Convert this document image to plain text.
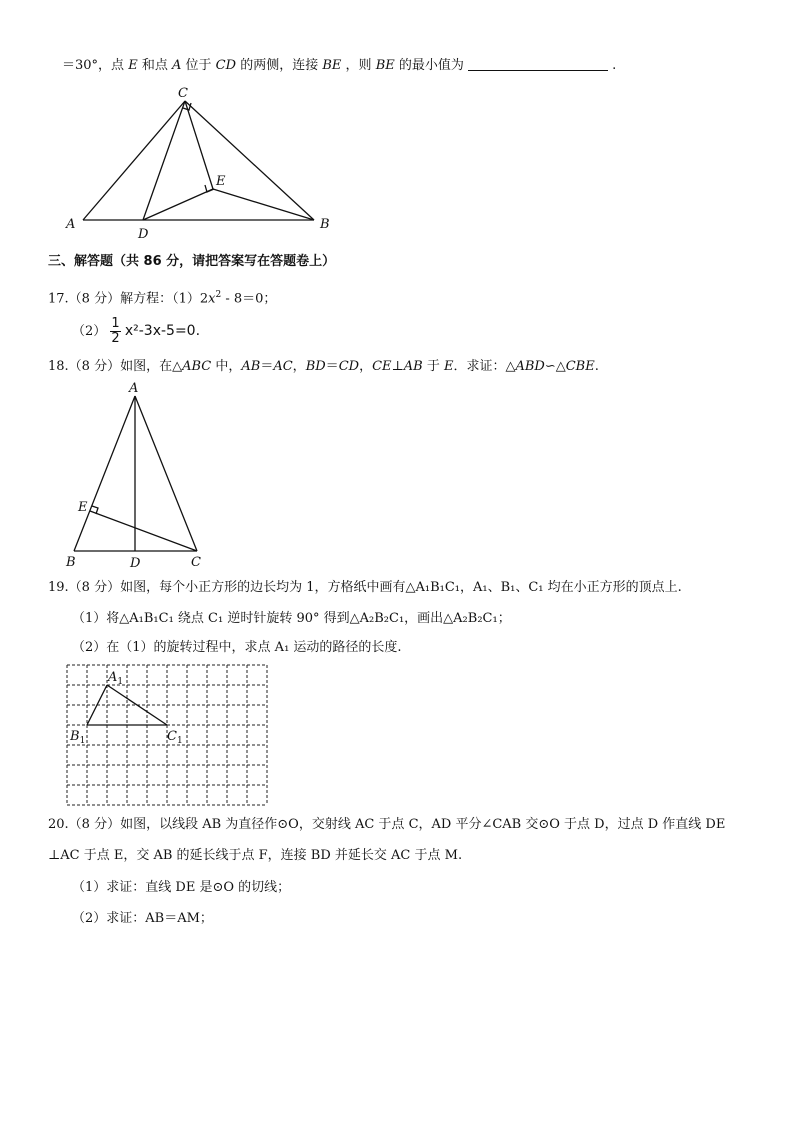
＝30°，点 E 和点 A 位于 CD 的两侧，连接 BE ，则 BE 的最小值为	.
C
E
A
D
B
三、解答题（共 86 分，请把答案写在答题卷上）
17.（8 分）解方程：$(1)2x^2 - 8=0$；
$(2) \frac{1}{2} x^2-3x-5=0$.
18.（8 分）如图，在△ABC 中，AB＝AC，BD＝CD，CE⊥AB 于 E．求证：△ABD∽△CBE.
A
E
B	D	C
19.（8 分）如图，每个小正方形的边长均为 1，方格纸中画有△A₁B₁C₁，A₁、B₁、C₁ 均在小正方形的顶点上.
（1）将△A₁B₁C₁ 绕点 C₁ 逆时针旋转 90° 得到△A₂B₂C₁，画出△A₂B₂C₁；
（2）在（1）的旋转过程中，求点 A₁ 运动的路径的长度.
$A_1$
$B_1$	$C_1$
20.（8 分）如图，以线段 AB 为直径作⊙O，交射线 AC 于点 C，AD 平分∠CAB 交⊙O 于点 D，过点 D 作直线 DE
⊥AC 于点 E，交 AB 的延长线于点 F，连接 BD 并延长交 AC 于点 M.
（1）求证：直线 DE 是⊙O 的切线；
（2）求证：AB＝AM；
